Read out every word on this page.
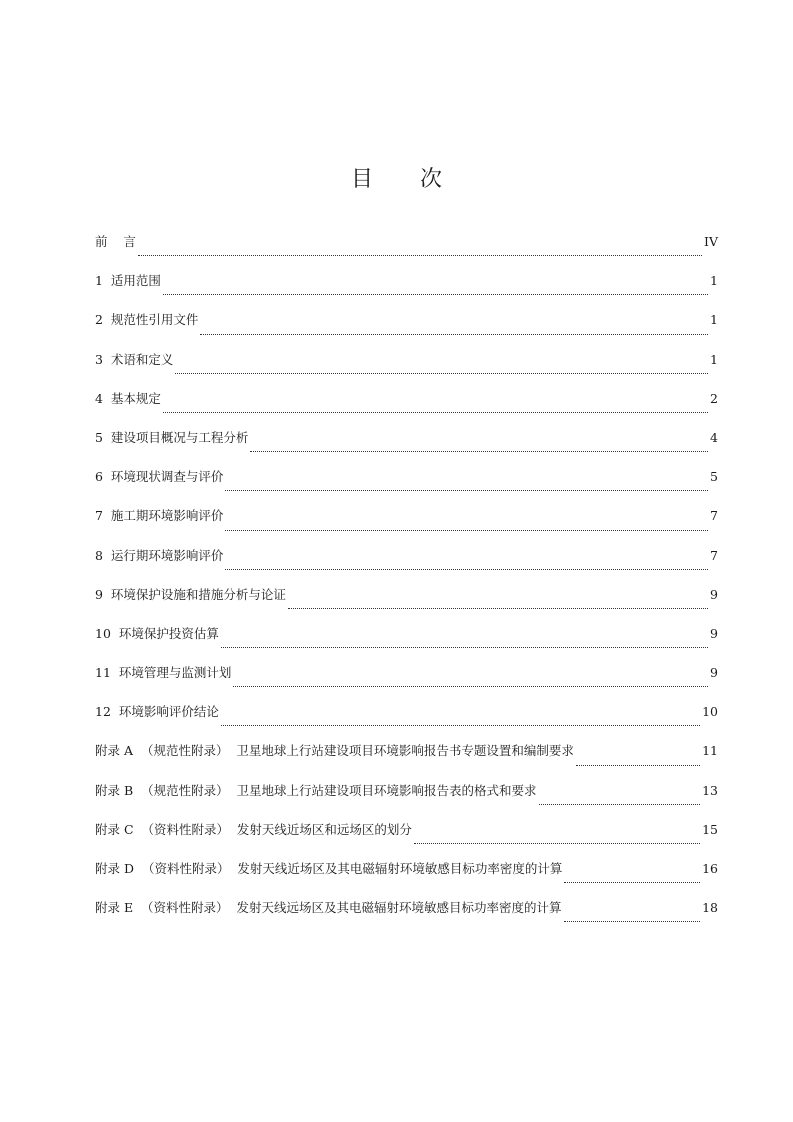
目 次
前    言	IV
1  适用范围	1
2  规范性引用文件	1
3  术语和定义	1
4  基本规定	2
5  建设项目概况与工程分析	4
6  环境现状调查与评价	5
7  施工期环境影响评价	7
8  运行期环境影响评价	7
9  环境保护设施和措施分析与论证	9
10  环境保护投资估算	9
11  环境管理与监测计划	9
12  环境影响评价结论	10
附录 A  （规范性附录）  卫星地球上行站建设项目环境影响报告书专题设置和编制要求	11
附录 B  （规范性附录）  卫星地球上行站建设项目环境影响报告表的格式和要求	13
附录 C  （资料性附录）  发射天线近场区和远场区的划分	15
附录 D  （资料性附录）  发射天线近场区及其电磁辐射环境敏感目标功率密度的计算	16
附录 E  （资料性附录）  发射天线远场区及其电磁辐射环境敏感目标功率密度的计算	18
